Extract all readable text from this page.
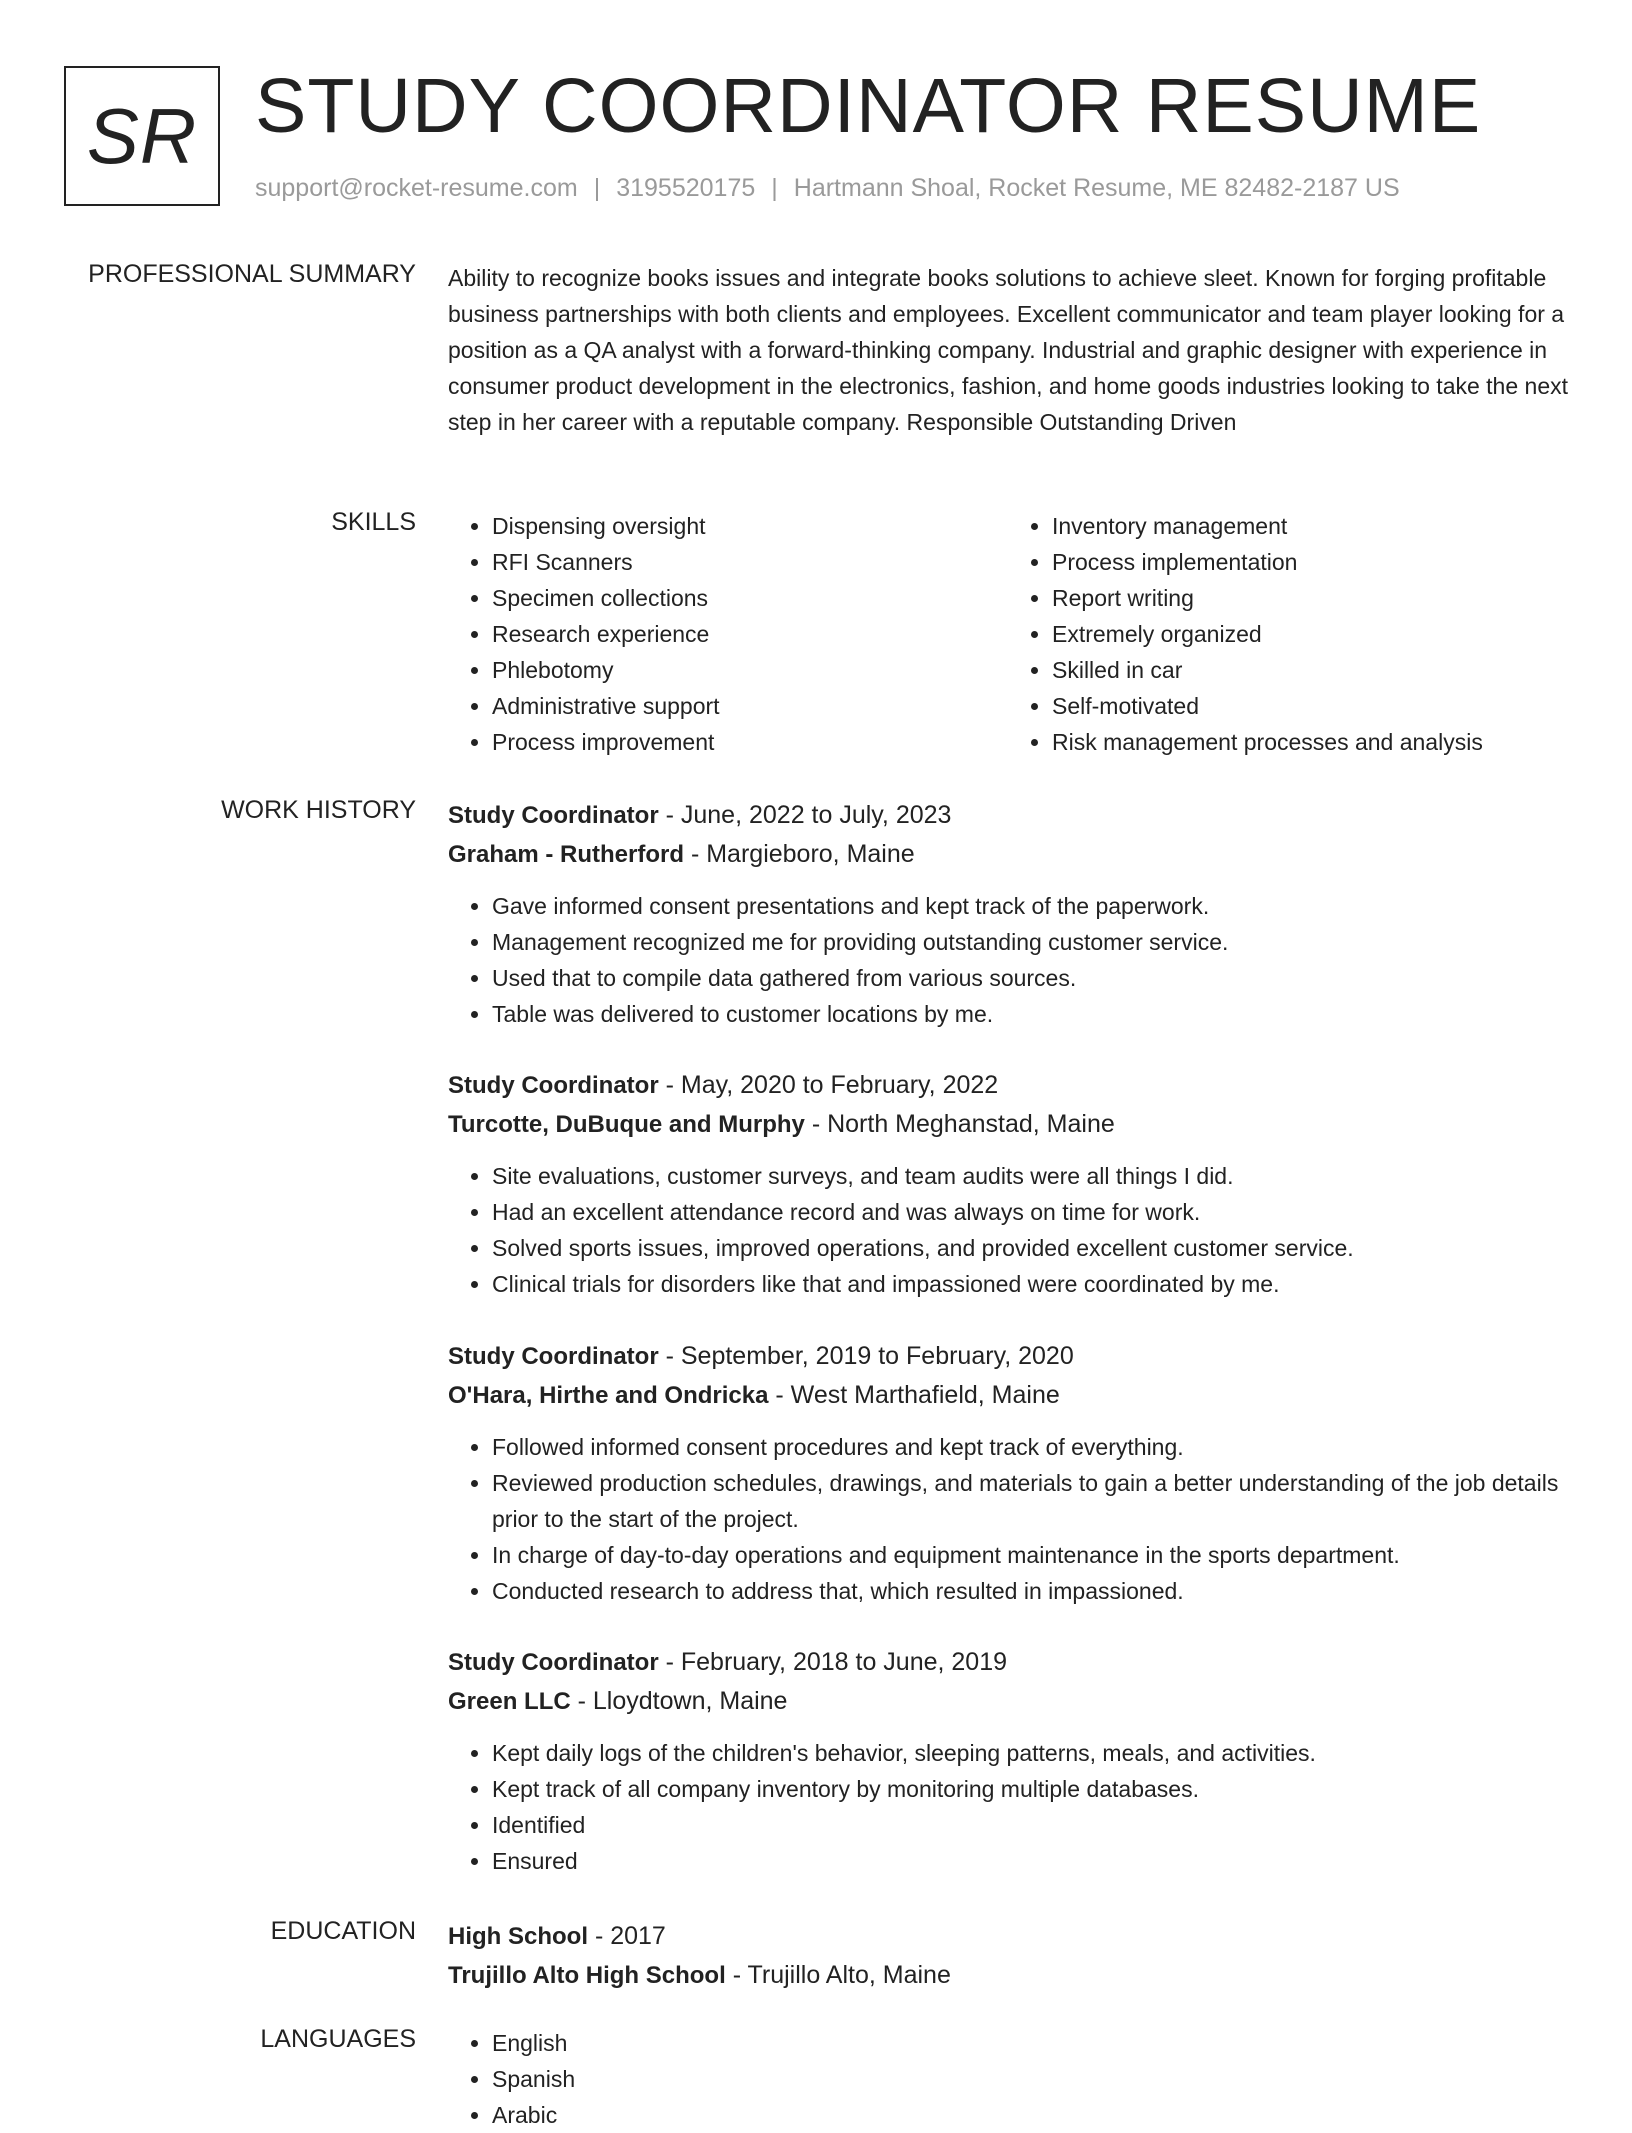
SR STUDY COORDINATOR RESUME
support@rocket-resume.com | 3195520175 | Hartmann Shoal, Rocket Resume, ME 82482-2187 US
PROFESSIONAL SUMMARY Ability to recognize books issues and integrate books solutions to achieve sleet. Known for forging profitable business partnerships with both clients and employees. Excellent communicator and team player looking for a position as a QA analyst with a forward-thinking company. Industrial and graphic designer with experience in consumer product development in the electronics, fashion, and home goods industries looking to take the next step in her career with a reputable company. Responsible Outstanding Driven

SKILLS	• Dispensing oversight
• RFI Scanners
• Specimen collections
• Research experience
• Phlebotomy
• Administrative support
• Process improvement
• Inventory management
• Process implementation
• Report writing
• Extremely organized
• Skilled in car
• Self-motivated
• Risk management processes and analysis
WORK HISTORY Study Coordinator - June, 2022 to July, 2023
Graham - Rutherford - Margieboro, Maine
• Gave informed consent presentations and kept track of the paperwork.
• Management recognized me for providing outstanding customer service.
• Used that to compile data gathered from various sources.
• Table was delivered to customer locations by me.
Study Coordinator - May, 2020 to February, 2022
Turcotte, DuBuque and Murphy - North Meghanstad, Maine
• Site evaluations, customer surveys, and team audits were all things I did.
• Had an excellent attendance record and was always on time for work.
• Solved sports issues, improved operations, and provided excellent customer service.
• Clinical trials for disorders like that and impassioned were coordinated by me.
Study Coordinator - September, 2019 to February, 2020
O'Hara, Hirthe and Ondricka - West Marthafield, Maine
• Followed informed consent procedures and kept track of everything.
• Reviewed production schedules, drawings, and materials to gain a better understanding of the job details prior to the start of the project.
• In charge of day-to-day operations and equipment maintenance in the sports department.
• Conducted research to address that, which resulted in impassioned.
Study Coordinator - February, 2018 to June, 2019
Green LLC - Lloydtown, Maine
• Kept daily logs of the children's behavior, sleeping patterns, meals, and activities.
• Kept track of all company inventory by monitoring multiple databases.
• Identified
• Ensured
EDUCATION High School - 2017
Trujillo Alto High School - Trujillo Alto, Maine
LANGUAGES	• English
• Spanish
• Arabic
